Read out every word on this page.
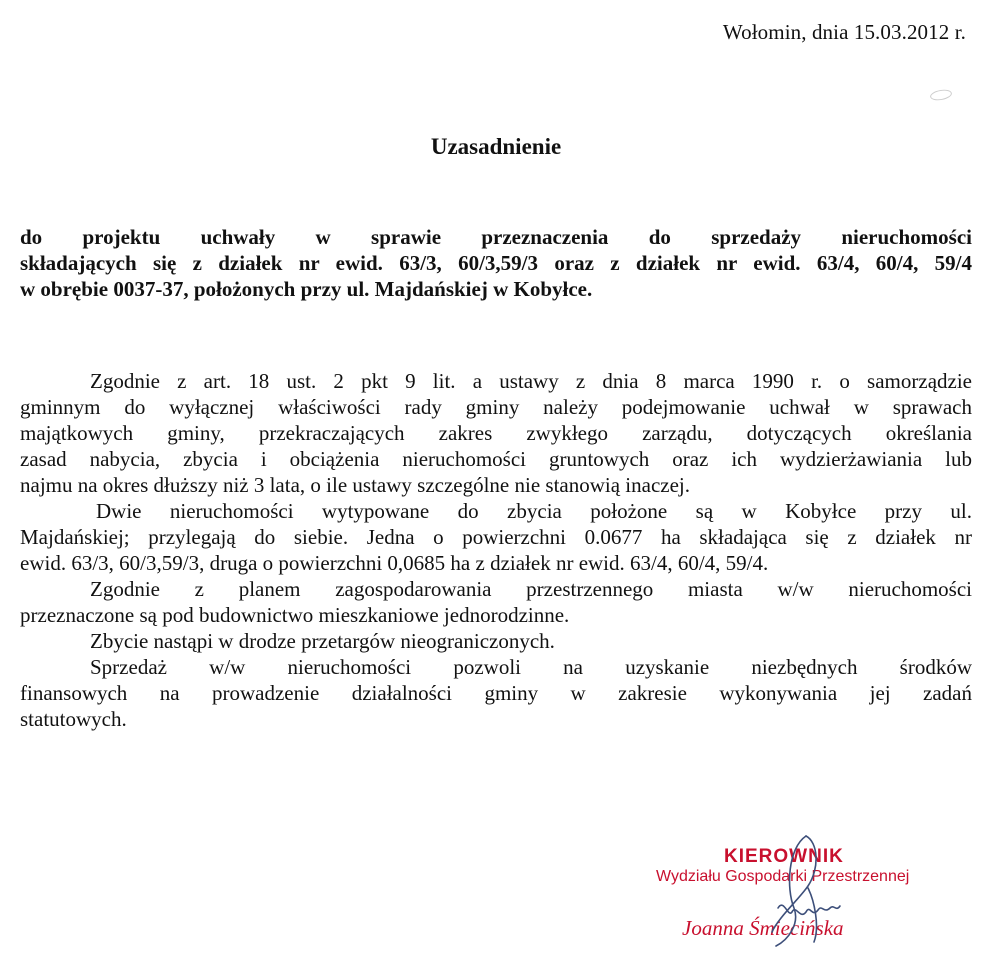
Wołomin, dnia 15.03.2012 r.
Uzasadnienie
do projektu uchwały w sprawie przeznaczenia do sprzedaży nieruchomości
składających się z działek nr ewid. 63/3, 60/3,59/3 oraz z działek nr ewid. 63/4, 60/4, 59/4
w obrębie 0037-37, położonych przy ul. Majdańskiej w Kobyłce.
Zgodnie z art. 18 ust. 2 pkt 9 lit. a ustawy z dnia 8 marca 1990 r. o samorządzie
gminnym do wyłącznej właściwości rady gminy należy podejmowanie uchwał w sprawach
majątkowych gminy, przekraczających zakres zwykłego zarządu, dotyczących określania
zasad nabycia, zbycia i obciążenia nieruchomości gruntowych oraz ich wydzierżawiania lub
najmu na okres dłuższy niż 3 lata, o ile ustawy szczególne nie stanowią inaczej.
Dwie nieruchomości wytypowane do zbycia położone są w Kobyłce przy ul.
Majdańskiej; przylegają do siebie. Jedna o powierzchni 0.0677 ha składająca się z działek nr
ewid. 63/3, 60/3,59/3, druga o powierzchni 0,0685 ha z działek nr ewid. 63/4, 60/4, 59/4.
Zgodnie z planem zagospodarowania przestrzennego miasta w/w nieruchomości
przeznaczone są pod budownictwo mieszkaniowe jednorodzinne.
Zbycie nastąpi w drodze przetargów nieograniczonych.
Sprzedaż w/w nieruchomości pozwoli na uzyskanie niezbędnych środków
finansowych na prowadzenie działalności gminy w zakresie wykonywania jej zadań
statutowych.
KIEROWNIK
Wydziału Gospodarki Przestrzennej
Joanna Śmiecińska
